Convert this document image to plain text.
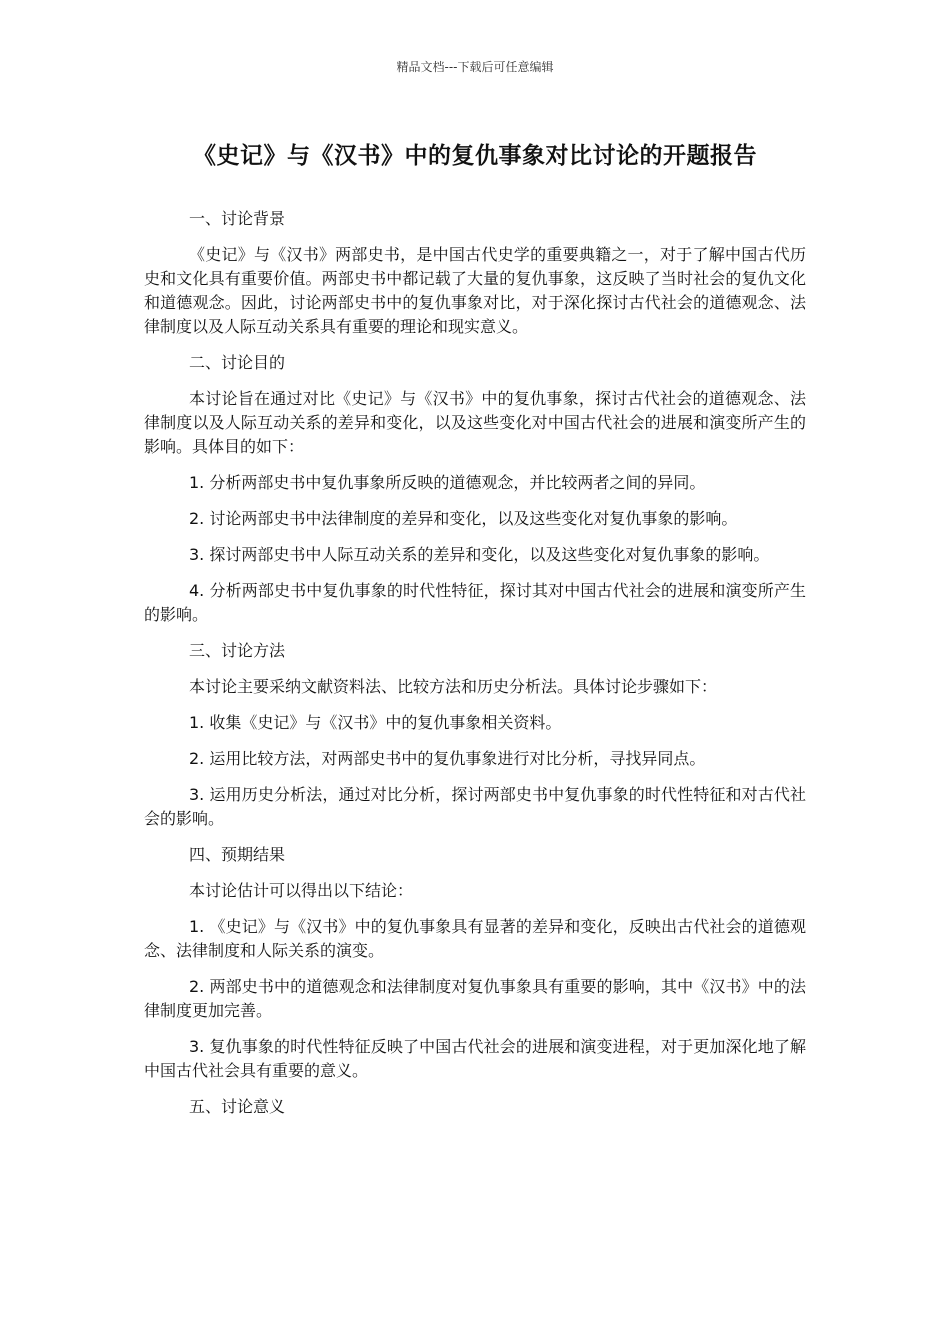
精品文档---下载后可任意编辑
《史记》与《汉书》中的复仇事象对比讨论的开题报告

一、讨论背景

《史记》与《汉书》两部史书，是中国古代史学的重要典籍之一，对于了解中国古代历史和文化具有重要价值。两部史书中都记载了大量的复仇事象，这反映了当时社会的复仇文化和道德观念。因此，讨论两部史书中的复仇事象对比，对于深化探讨古代社会的道德观念、法律制度以及人际互动关系具有重要的理论和现实意义。

二、讨论目的

本讨论旨在通过对比《史记》与《汉书》中的复仇事象，探讨古代社会的道德观念、法律制度以及人际互动关系的差异和变化，以及这些变化对中国古代社会的进展和演变所产生的影响。具体目的如下：

1. 分析两部史书中复仇事象所反映的道德观念，并比较两者之间的异同。

2. 讨论两部史书中法律制度的差异和变化，以及这些变化对复仇事象的影响。

3. 探讨两部史书中人际互动关系的差异和变化，以及这些变化对复仇事象的影响。

4. 分析两部史书中复仇事象的时代性特征，探讨其对中国古代社会的进展和演变所产生的影响。

三、讨论方法

本讨论主要采纳文献资料法、比较方法和历史分析法。具体讨论步骤如下：

1. 收集《史记》与《汉书》中的复仇事象相关资料。

2. 运用比较方法，对两部史书中的复仇事象进行对比分析，寻找异同点。

3. 运用历史分析法，通过对比分析，探讨两部史书中复仇事象的时代性特征和对古代社会的影响。

四、预期结果

本讨论估计可以得出以下结论：

1. 《史记》与《汉书》中的复仇事象具有显著的差异和变化，反映出古代社会的道德观念、法律制度和人际关系的演变。

2. 两部史书中的道德观念和法律制度对复仇事象具有重要的影响，其中《汉书》中的法律制度更加完善。

3. 复仇事象的时代性特征反映了中国古代社会的进展和演变进程，对于更加深化地了解中国古代社会具有重要的意义。

五、讨论意义
